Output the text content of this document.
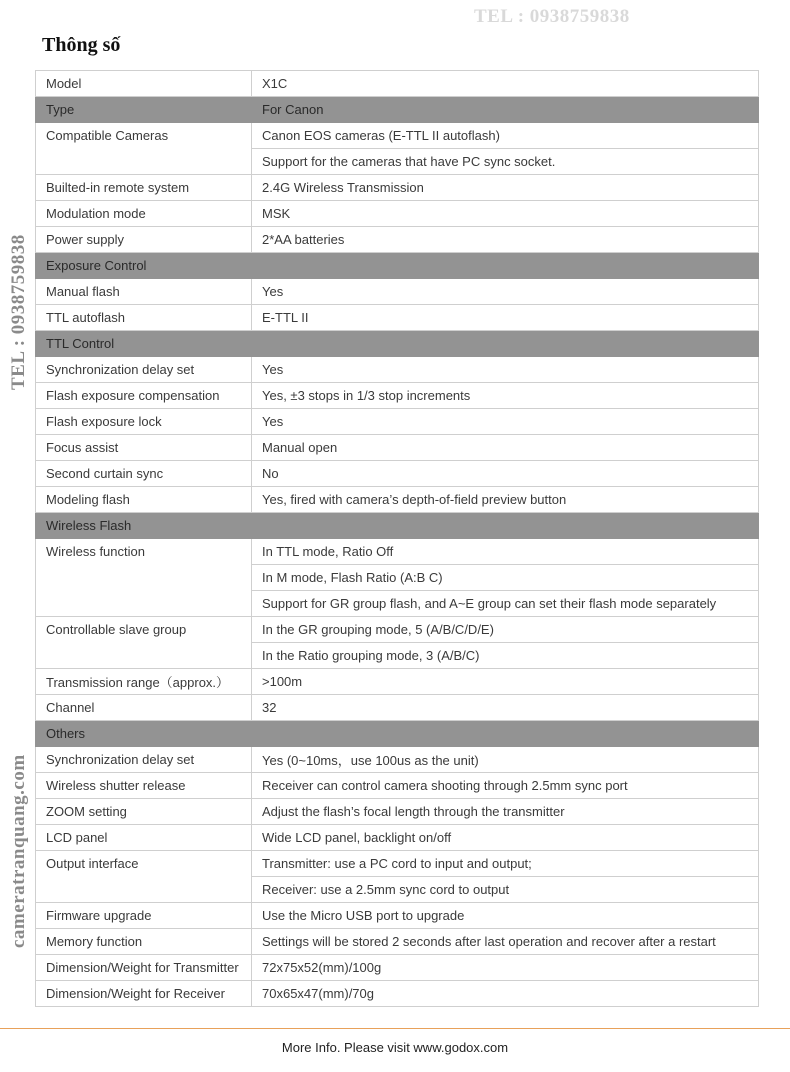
TEL : 0938759838
TEL : 0938759838
cameratranquang.com
Thông số
Model	X1C
Type	For Canon
Compatible Cameras	Canon EOS cameras (E-TTL II autoflash)
	Support for the cameras that have PC sync socket.
Builted-in remote system	2.4G Wireless Transmission
Modulation mode	MSK
Power supply	2*AA batteries
Exposure Control	
Manual flash	Yes
TTL autoflash	E-TTL II
TTL Control	
Synchronization delay set	Yes
Flash exposure compensation	Yes, ±3 stops in 1/3 stop increments
Flash exposure lock	Yes
Focus assist	Manual open
Second curtain sync	No
Modeling flash	Yes, fired with camera’s depth-of-field preview button
Wireless Flash	
Wireless function	In TTL mode, Ratio Off
	In M mode, Flash Ratio (A:B C)
	Support for GR group flash, and A~E group can set their flash mode separately
Controllable slave group	In the GR grouping mode, 5 (A/B/C/D/E)
	In the Ratio grouping mode, 3 (A/B/C)
Transmission range（approx.）	>100m
Channel	32
Others	
Synchronization delay set	Yes (0~10ms，use 100us as the unit)
Wireless shutter release	Receiver can control camera shooting through 2.5mm sync port
ZOOM setting	Adjust the flash’s focal length through the transmitter
LCD panel	Wide LCD panel, backlight on/off
Output interface	Transmitter: use a PC cord to input and output;
	Receiver: use a 2.5mm sync cord to output
Firmware upgrade	Use the Micro USB port to upgrade
Memory function	Settings will be stored 2 seconds after last operation and recover after a restart
Dimension/Weight for Transmitter	72x75x52(mm)/100g
Dimension/Weight for Receiver	70x65x47(mm)/70g
More Info. Please visit www.godox.com
